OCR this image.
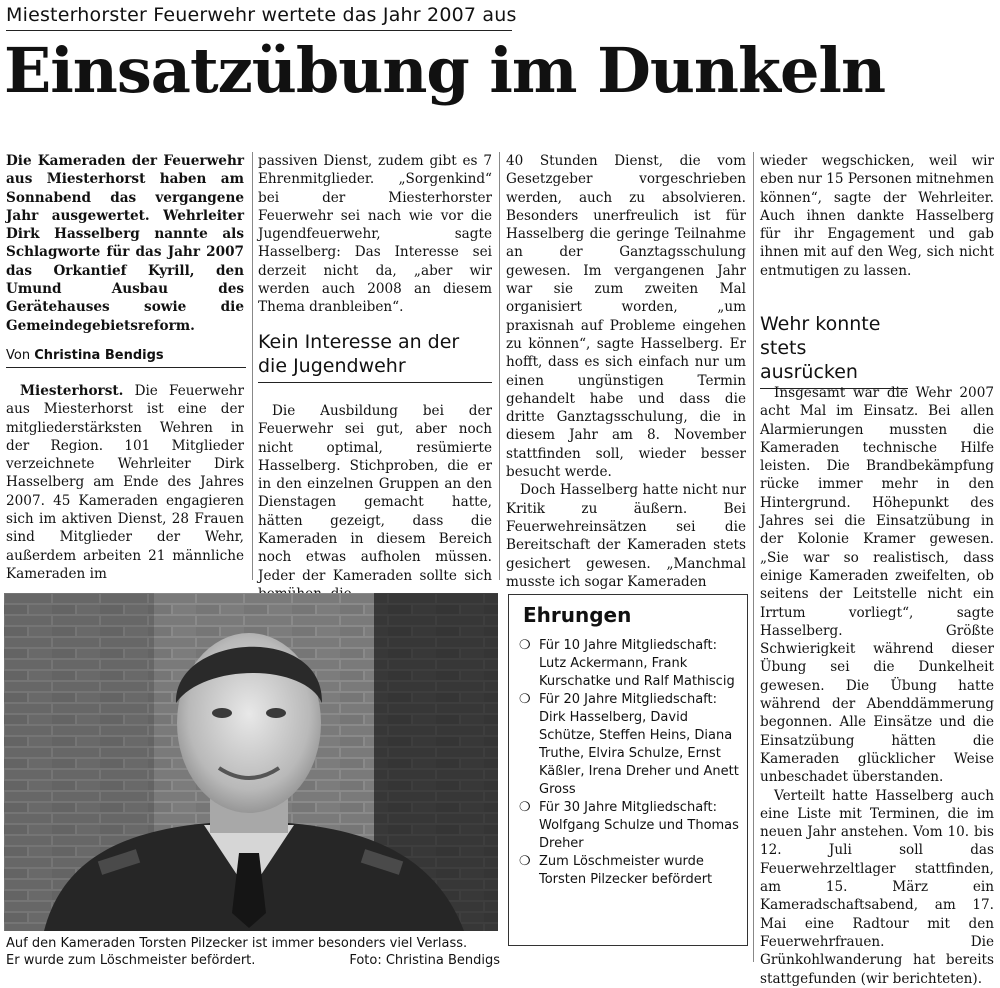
Miesterhorster Feuerwehr wertete das Jahr 2007 aus
Einsatzübung im Dunkeln
Die Kameraden der Feuerwehr aus Miesterhorst haben am Sonnabend das vergangene Jahr ausgewertet. Wehrleiter Dirk Hasselberg nannte als Schlagworte für das Jahr 2007 das Orkantief Kyrill, den Umund Ausbau des Gerätehauses sowie die Gemeindegebietsreform.
Von Christina Bendigs

Miesterhorst. Die Feuerwehr aus Miesterhorst ist eine der mitgliederstärksten Wehren in der Region. 101 Mitglieder verzeichnete Wehrleiter Dirk Hasselberg am Ende des Jahres 2007. 45 Kameraden engagieren sich im aktiven Dienst, 28 Frauen sind Mitglieder der Wehr, außerdem arbeiten 21 männliche Kameraden im

passiven Dienst, zudem gibt es 7 Ehrenmitglieder. „Sorgenkind“ bei der Miesterhorster Feuerwehr sei nach wie vor die Jugendfeuerwehr, sagte Hasselberg: Das Interesse sei derzeit nicht da, „aber wir werden auch 2008 an diesem Thema dranbleiben“.

Kein Interesse an der die Jugendwehr

Die Ausbildung bei der Feuerwehr sei gut, aber noch nicht optimal, resümierte Hasselberg. Stichproben, die er in den einzelnen Gruppen an den Dienstagen gemacht hatte, hätten gezeigt, dass die Kameraden in diesem Bereich noch etwas aufholen müssen. Jeder der Kameraden sollte sich

40 Stunden Dienst, die vom Gesetzgeber vorgeschrieben werden, auch zu absolvieren. Besonders unerfreulich ist für Hasselberg die geringe Teilnahme an der Ganztagsschulung gewesen. Im vergangenen Jahr war sie zum zweiten Mal organisiert worden, „um praxisnah auf Probleme eingehen zu können“, sagte Hasselberg. Er hofft, dass es sich einfach nur um einen ungünstigen Termin gehandelt habe und dass die dritte Ganztagsschulung, die in diesem Jahr am 8. November stattfinden soll, wieder besser besucht werde.

Doch Hasselberg hatte nicht nur Kritik zu äußern. Bei Feuerwehreinsätzen sei die Bereitschaft der Kameraden stets gesichert gewesen. „Manchmal musste ich sogar Kameraden

wieder wegschicken, weil wir eben nur 15 Personen mitnehmen können“, sagte der Wehrleiter. Auch ihnen dankte Hasselberg für ihr Engagement und gab ihnen mit auf den Weg, sich nicht entmutigen zu lassen.

Wehr konnte stets ausrücken

Insgesamt war die Wehr 2007 acht Mal im Einsatz. Bei allen Alarmierungen mussten die Kameraden technische Hilfe leisten. Die Brandbekämpfung rücke immer mehr in den Hintergrund. Höhepunkt des Jahres sei die Einsatzübung in der Kolonie Kramer gewesen. „Sie war so realistisch, dass einige Kameraden zweifelten, ob seitens der Leitstelle nicht ein Irrtum vorliegt“, sagte Hasselberg. Größte Schwierigkeit während dieser Übung sei die Dunkelheit gewesen. Die Übung hatte während der Abenddämmerung begonnen. Alle Einsätze und die Einsatzübung hätten die Kameraden glücklicher Weise unbeschadet überstanden.

Verteilt hatte Hasselberg auch eine Liste mit Terminen, die im neuen Jahr anstehen. Vom 10. bis 12. Juli soll das Feuerwehrzeltlager stattfinden, am 15. März ein Kameradschaftsabend, am 17. Mai eine Radtour mit den Feuerwehrfrauen. Die Grünkohlwanderung hat bereits stattgefunden (wir berichteten).

Auf den Kameraden Torsten Pilzecker ist immer besonders viel Verlass.
Er wurde zum Löschmeister befördert.	Foto: Christina Bendigs
Ehrungen
❍ Für 10 Jahre Mitgliedschaft: Lutz Ackermann, Frank Kurschatke und Ralf Mathiscig
❍ Für 20 Jahre Mitgliedschaft: Dirk Hasselberg, David Schütze, Steffen Heins, Diana Truthe, Elvira Schulze, Ernst Käßler, Irena Dreher und Anett Gross
❍ Für 30 Jahre Mitgliedschaft: Wolfgang Schulze und Thomas Dreher
❍ Zum Löschmeister wurde Torsten Pilzecker befördert
